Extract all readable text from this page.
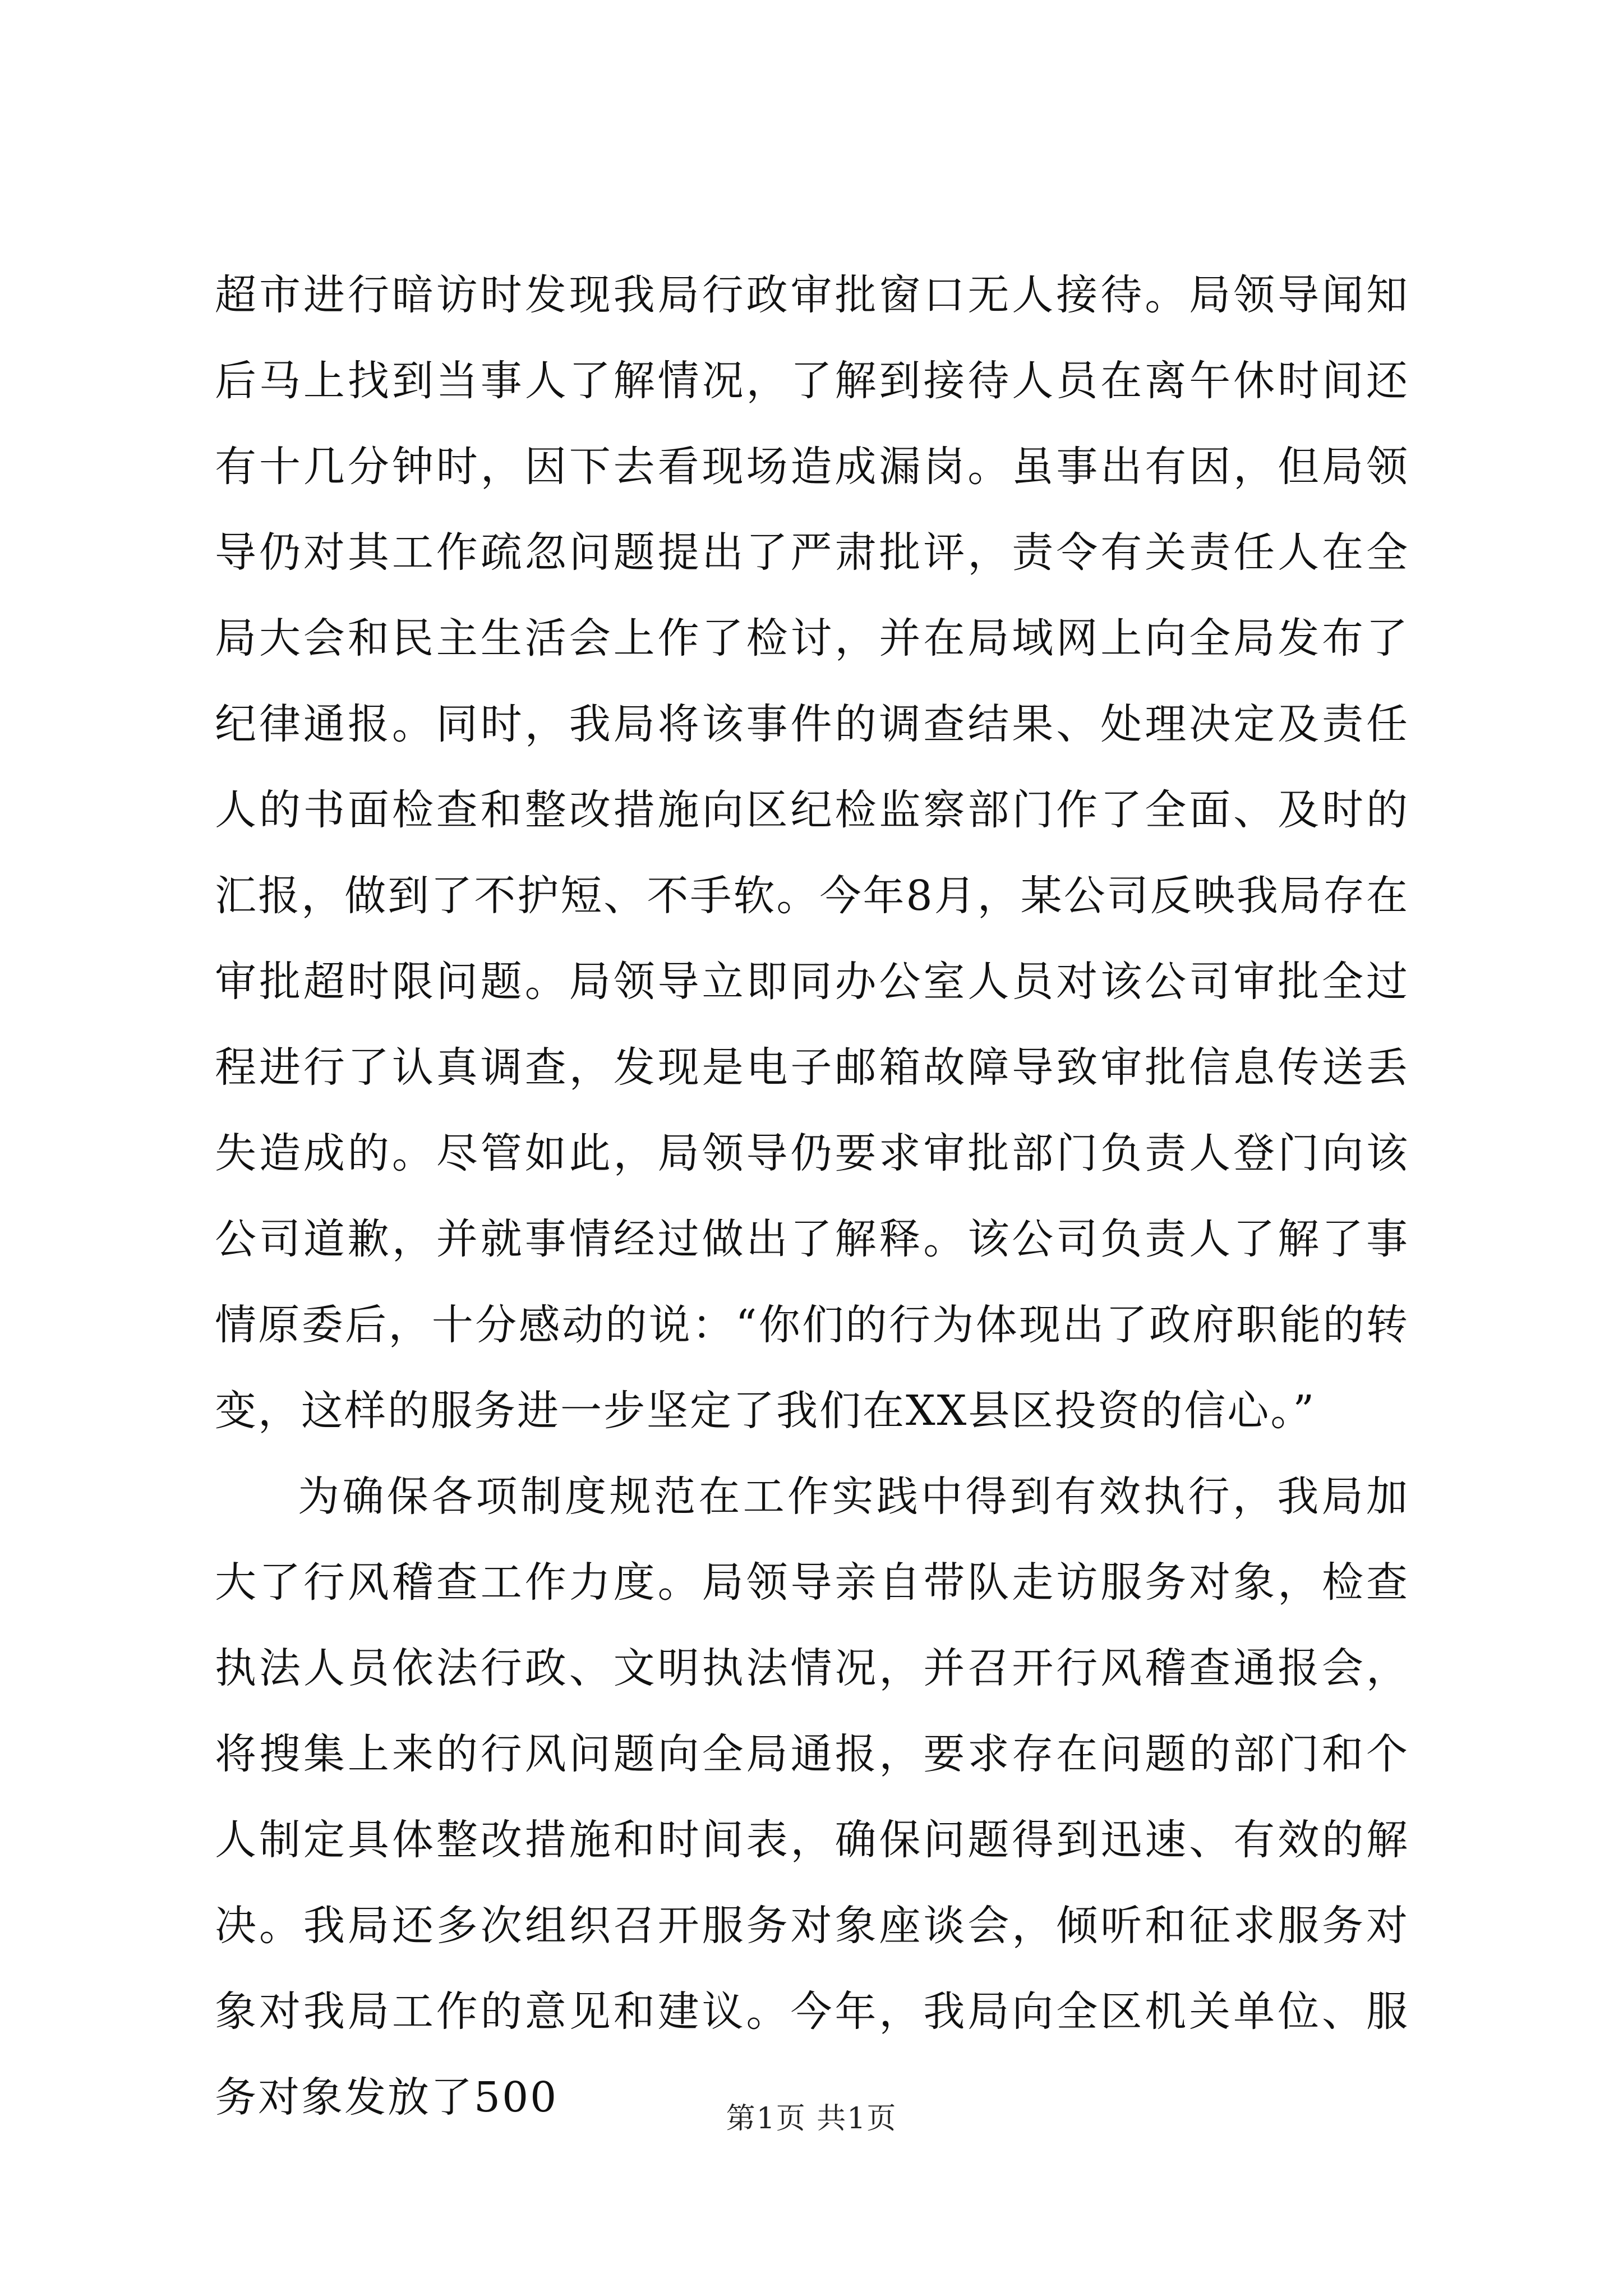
超市进行暗访时发现我局行政审批窗口无人接待。局领导闻知后马上找到当事人了解情况，了解到接待人员在离午休时间还有十几分钟时，因下去看现场造成漏岗。虽事出有因，但局领导仍对其工作疏忽问题提出了严肃批评，责令有关责任人在全局大会和民主生活会上作了检讨，并在局域网上向全局发布了纪律通报。同时，我局将该事件的调查结果、处理决定及责任人的书面检查和整改措施向区纪检监察部门作了全面、及时的汇报，做到了不护短、不手软。今年8月，某公司反映我局存在审批超时限问题。局领导立即同办公室人员对该公司审批全过程进行了认真调查，发现是电子邮箱故障导致审批信息传送丢失造成的。尽管如此，局领导仍要求审批部门负责人登门向该公司道歉，并就事情经过做出了解释。该公司负责人了解了事情原委后，十分感动的说：“你们的行为体现出了政府职能的转变，这样的服务进一步坚定了我们在XX县区投资的信心。”

为确保各项制度规范在工作实践中得到有效执行，我局加大了行风稽查工作力度。局领导亲自带队走访服务对象，检查执法人员依法行政、文明执法情况，并召开行风稽查通报会，将搜集上来的行风问题向全局通报，要求存在问题的部门和个人制定具体整改措施和时间表，确保问题得到迅速、有效的解决。我局还多次组织召开服务对象座谈会，倾听和征求服务对象对我局工作的意见和建议。今年，我局向全区机关单位、服务对象发放了500	第1页 共1页
